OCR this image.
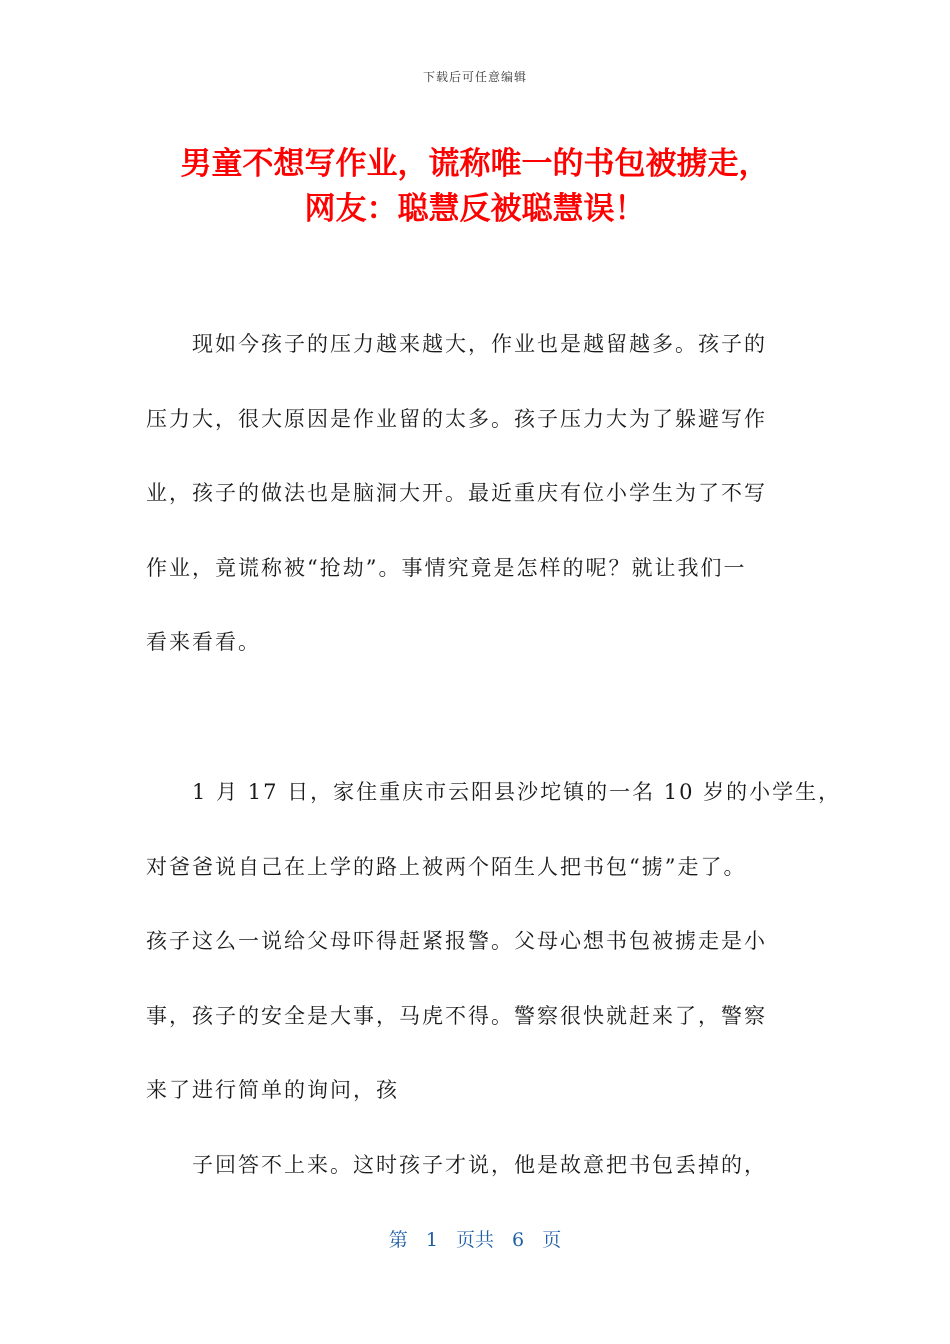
下载后可任意编辑
男童不想写作业，谎称唯一的书包被掳走，
网友：聪慧反被聪慧误！

现如今孩子的压力越来越大，作业也是越留越多。孩子的
压力大，很大原因是作业留的太多。孩子压力大为了躲避写作
业，孩子的做法也是脑洞大开。最近重庆有位小学生为了不写
作业，竟谎称被“抢劫”。事情究竟是怎样的呢？就让我们一
看来看看。

1 月 17 日，家住重庆市云阳县沙坨镇的一名 10 岁的小学生，
对爸爸说自己在上学的路上被两个陌生人把书包“掳”走了。
孩子这么一说给父母吓得赶紧报警。父母心想书包被掳走是小
事，孩子的安全是大事，马虎不得。警察很快就赶来了，警察
来了进行简单的询问，孩

子回答不上来。这时孩子才说，他是故意把书包丢掉的，

第 1 页共 6 页
